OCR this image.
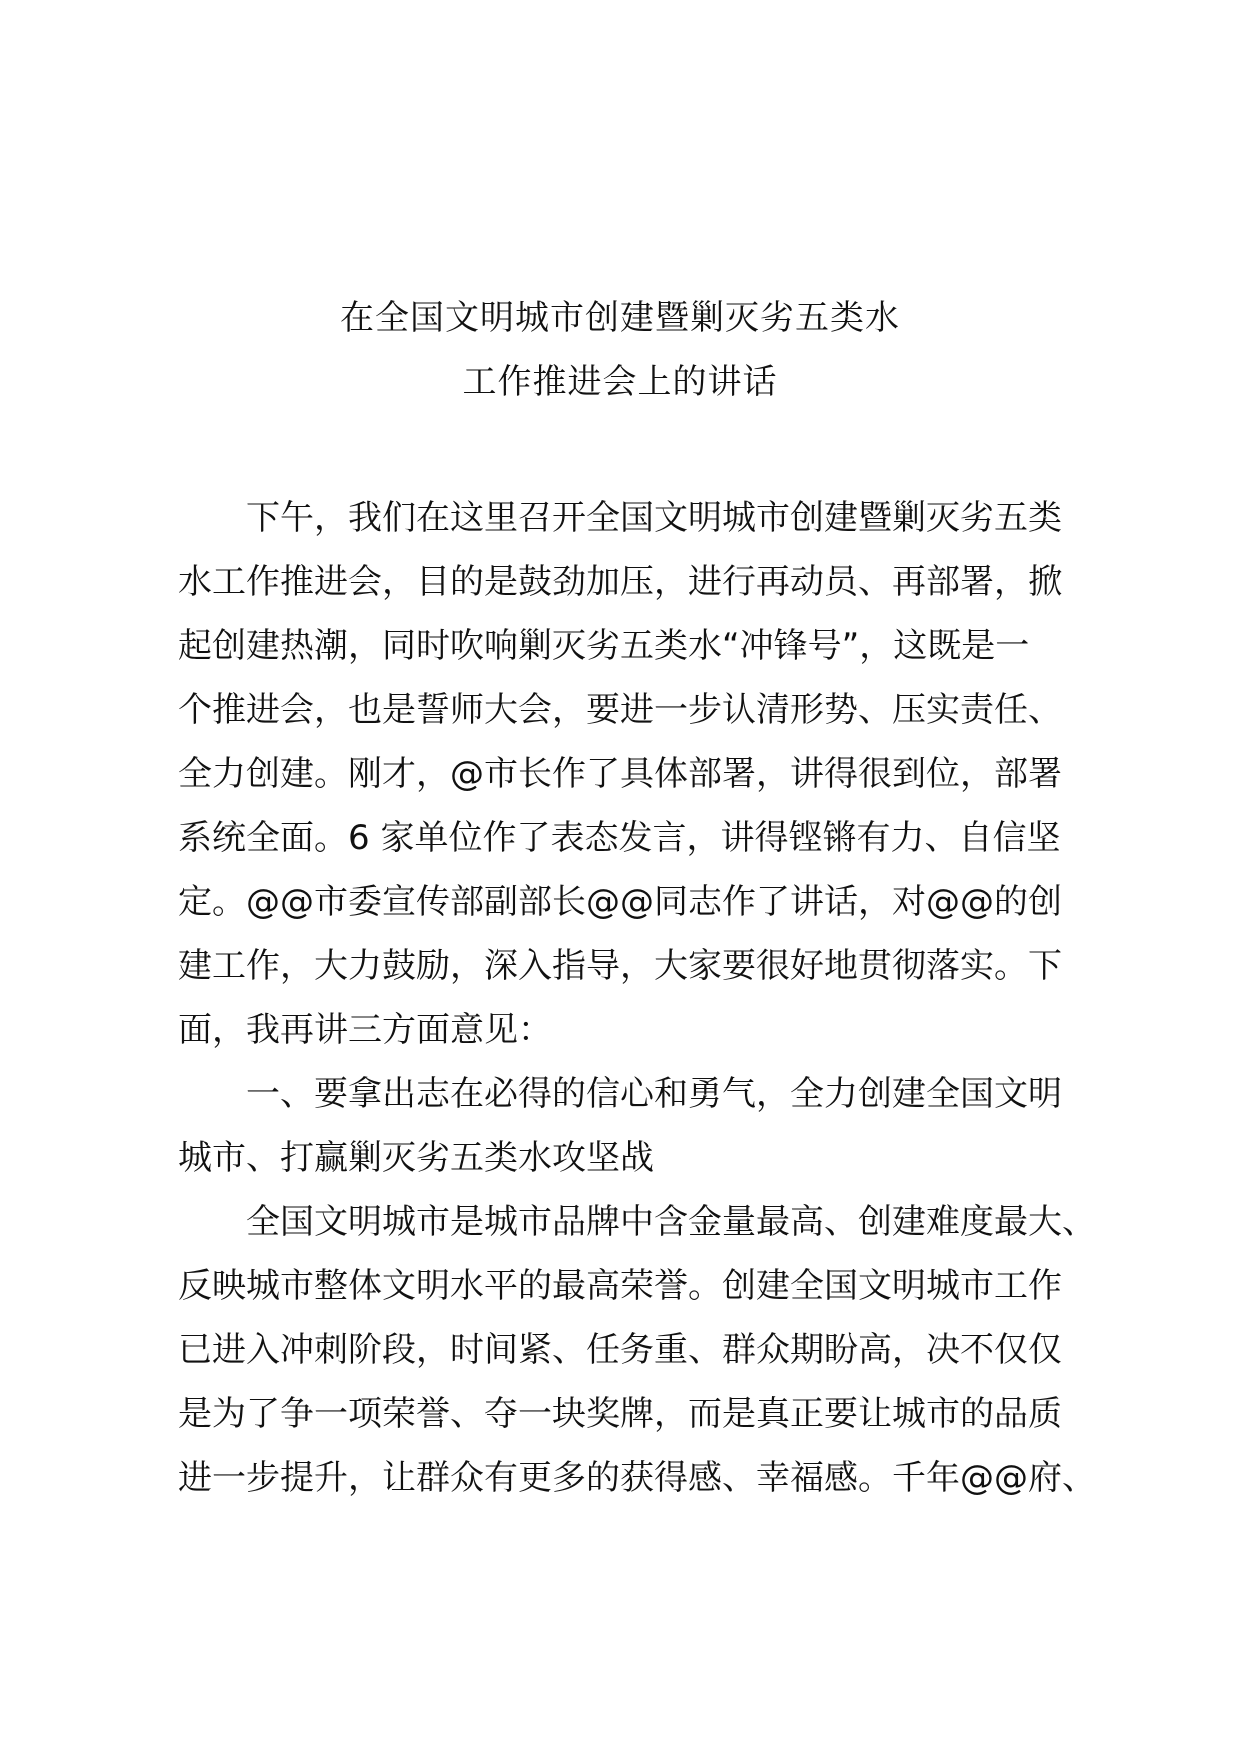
在全国文明城市创建暨剿灭劣五类水
工作推进会上的讲话
下午，我们在这里召开全国文明城市创建暨剿灭劣五类
水工作推进会，目的是鼓劲加压，进行再动员、再部署，掀
起创建热潮，同时吹响剿灭劣五类水“冲锋号”，这既是一
个推进会，也是誓师大会，要进一步认清形势、压实责任、
全力创建。刚才，@市长作了具体部署，讲得很到位，部署
系统全面。6 家单位作了表态发言，讲得铿锵有力、自信坚
定。@@市委宣传部副部长@@同志作了讲话，对@@的创
建工作，大力鼓励，深入指导，大家要很好地贯彻落实。下
面，我再讲三方面意见：
一、要拿出志在必得的信心和勇气，全力创建全国文明
城市、打赢剿灭劣五类水攻坚战
全国文明城市是城市品牌中含金量最高、创建难度最大、
反映城市整体文明水平的最高荣誉。创建全国文明城市工作
已进入冲刺阶段，时间紧、任务重、群众期盼高，决不仅仅
是为了争一项荣誉、夺一块奖牌，而是真正要让城市的品质
进一步提升，让群众有更多的获得感、幸福感。千年@@府、
